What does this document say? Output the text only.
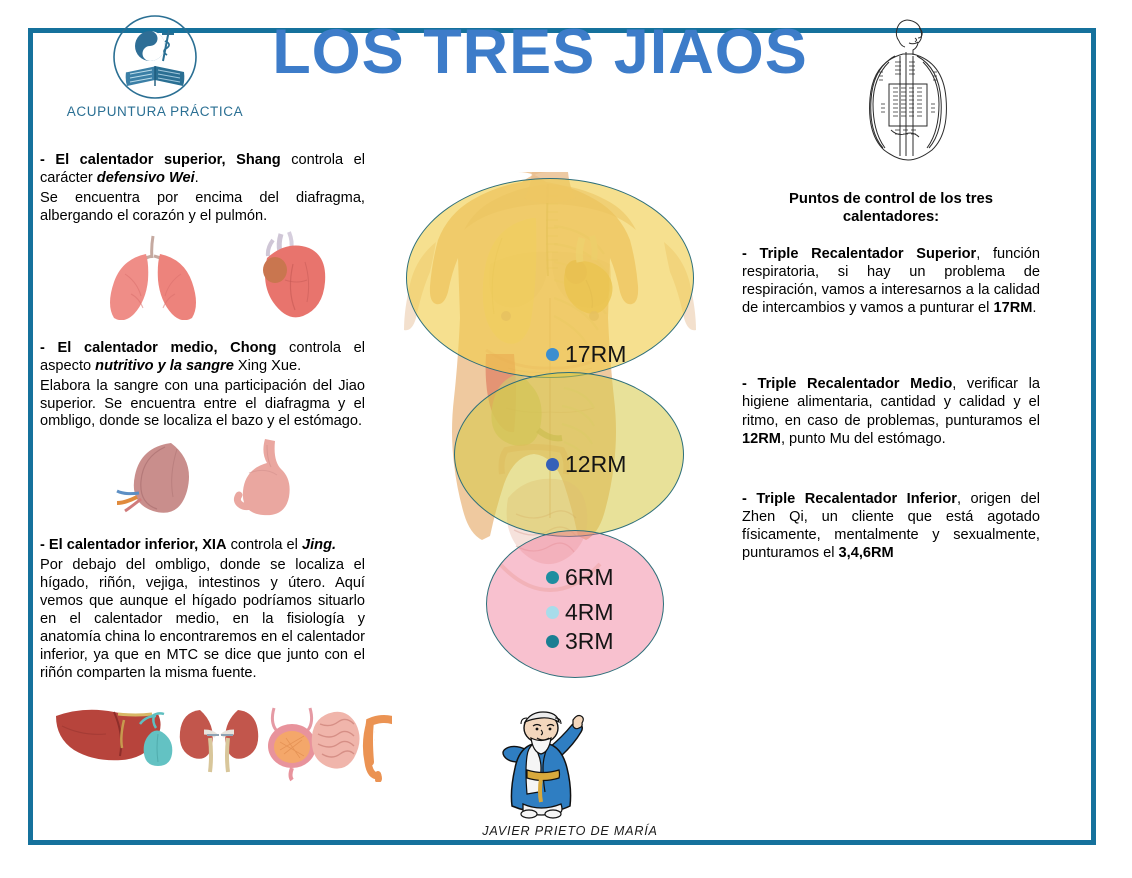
ACUPUNTURA PRÁCTICA
LOS TRES JIAOS
- El calentador superior, Shang controla el carácter defensivo Wei.
Se encuentra por encima del diafragma, albergando el corazón y el pulmón.
- El calentador medio, Chong controla el aspecto nutritivo y la sangre Xing Xue.
Elabora la sangre con una participación del Jiao superior. Se encuentra entre el diafragma y el ombligo, donde se localiza el bazo y el estómago.
- El calentador inferior, XIA controla el Jing.
Por debajo del ombligo, donde se localiza el hígado, riñón, vejiga, intestinos y útero. Aquí vemos que aunque el hígado podríamos situarlo en el calentador medio, en la fisiología y anatomía china lo encontraremos en el calentador inferior, ya que en MTC se dice que junto con el riñón comparten la misma fuente.
17RM
12RM
6RM
4RM
3RM
Puntos de control de los tres
calentadores:
- Triple Recalentador Superior, función respiratoria, si hay un problema de respiración, vamos a interesarnos a la calidad de intercambios y vamos a punturar el 17RM.
- Triple Recalentador Medio, verificar la higiene alimentaria, cantidad y calidad y el ritmo, en caso de problemas, punturamos el 12RM, punto Mu del estómago.
- Triple Recalentador Inferior, origen del Zhen Qi, un cliente que está agotado físicamente, mentalmente y sexualmente, punturamos el 3,4,6RM
JAVIER PRIETO DE MARÍA
